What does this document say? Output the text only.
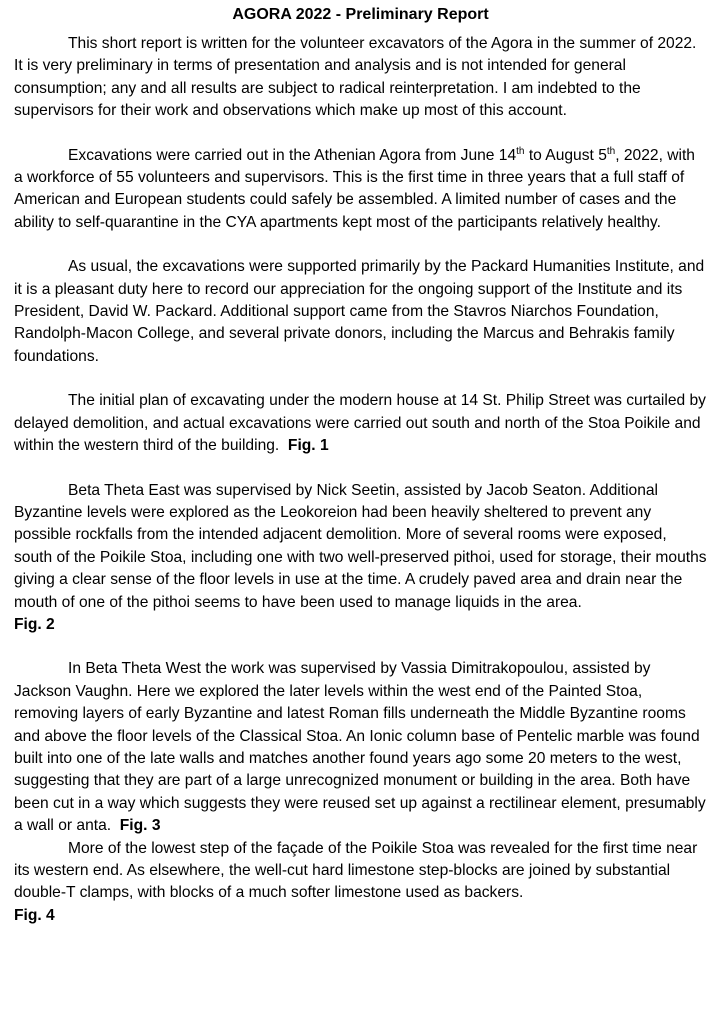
AGORA 2022 - Preliminary Report

This short report is written for the volunteer excavators of the Agora in the summer of 2022. It is very preliminary in terms of presentation and analysis and is not intended for general consumption; any and all results are subject to radical reinterpretation. I am indebted to the supervisors for their work and observations which make up most of this account.

Excavations were carried out in the Athenian Agora from June 14th to August 5th, 2022, with a workforce of 55 volunteers and supervisors. This is the first time in three years that a full staff of American and European students could safely be assembled. A limited number of cases and the ability to self-quarantine in the CYA apartments kept most of the participants relatively healthy.

As usual, the excavations were supported primarily by the Packard Humanities Institute, and it is a pleasant duty here to record our appreciation for the ongoing support of the Institute and its President, David W. Packard. Additional support came from the Stavros Niarchos Foundation, Randolph-Macon College, and several private donors, including the Marcus and Behrakis family foundations.

The initial plan of excavating under the modern house at 14 St. Philip Street was curtailed by delayed demolition, and actual excavations were carried out south and north of the Stoa Poikile and within the western third of the building. Fig. 1

Beta Theta East was supervised by Nick Seetin, assisted by Jacob Seaton. Additional Byzantine levels were explored as the Leokoreion had been heavily sheltered to prevent any possible rockfalls from the intended adjacent demolition. More of several rooms were exposed, south of the Poikile Stoa, including one with two well-preserved pithoi, used for storage, their mouths giving a clear sense of the floor levels in use at the time. A crudely paved area and drain near the mouth of one of the pithoi seems to have been used to manage liquids in the area.

Fig. 2

In Beta Theta West the work was supervised by Vassia Dimitrakopoulou, assisted by Jackson Vaughn. Here we explored the later levels within the west end of the Painted Stoa, removing layers of early Byzantine and latest Roman fills underneath the Middle Byzantine rooms and above the floor levels of the Classical Stoa. An Ionic column base of Pentelic marble was found built into one of the late walls and matches another found years ago some 20 meters to the west, suggesting that they are part of a large unrecognized monument or building in the area. Both have been cut in a way which suggests they were reused set up against a rectilinear element, presumably a wall or anta. Fig. 3

More of the lowest step of the façade of the Poikile Stoa was revealed for the first time near its western end. As elsewhere, the well-cut hard limestone step-blocks are joined by substantial double-T clamps, with blocks of a much softer limestone used as backers.

Fig. 4
